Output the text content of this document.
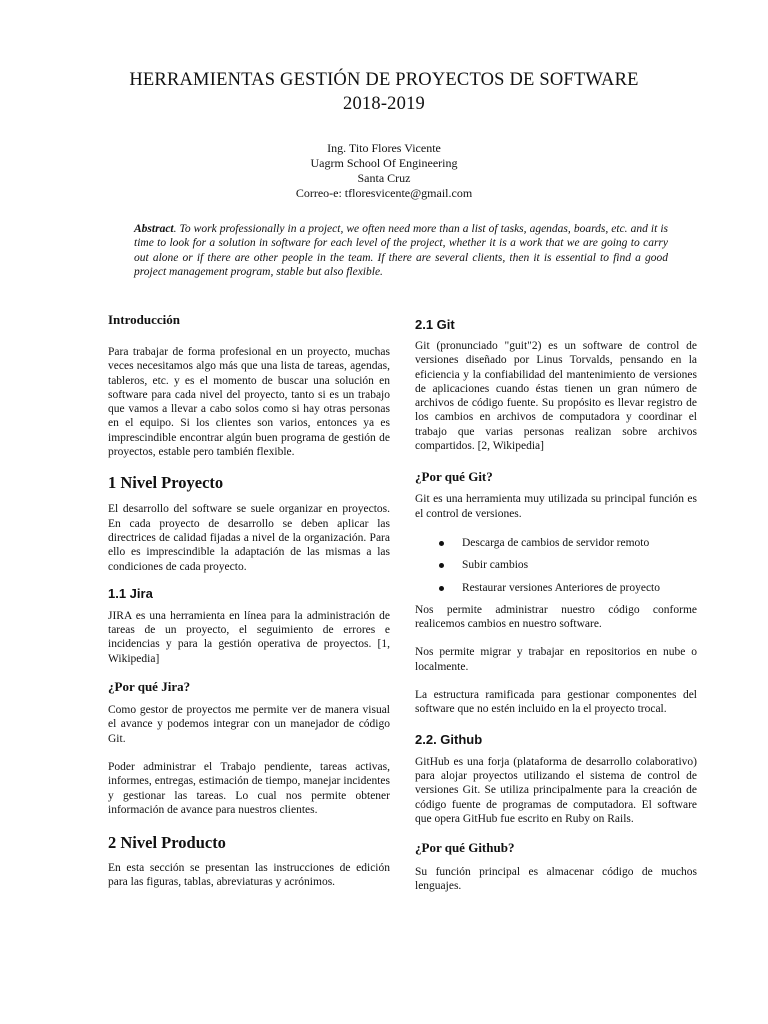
HERRAMIENTAS GESTIÓN DE PROYECTOS DE SOFTWARE
2018-2019
Ing. Tito Flores Vicente
Uagrm School Of Engineering
Santa Cruz
Correo-e: tfloresvicente@gmail.com
Abstract. To work professionally in a project, we often need more than a list of tasks, agendas, boards, etc. and it is time to look for a solution in software for each level of the project, whether it is a work that we are going to carry out alone or if there are other people in the team. If there are several clients, then it is essential to find a good project management program, stable but also flexible.
Introducción

Para trabajar de forma profesional en un proyecto, muchas veces necesitamos algo más que una lista de tareas, agendas, tableros, etc. y es el momento de buscar una solución en software para cada nivel del proyecto, tanto si es un trabajo que vamos a llevar a cabo solos como si hay otras personas en el equipo. Si los clientes son varios, entonces ya es imprescindible encontrar algún buen programa de gestión de proyectos, estable pero también flexible.

1 Nivel Proyecto

El desarrollo del software se suele organizar en proyectos. En cada proyecto de desarrollo se deben aplicar las directrices de calidad fijadas a nivel de la organización. Para ello es imprescindible la adaptación de las mismas a las condiciones de cada proyecto.

1.1 Jira

JIRA es una herramienta en línea para la administración de tareas de un proyecto, el seguimiento de errores e incidencias y para la gestión operativa de proyectos. [1, Wikipedia]

¿Por qué Jira?

Como gestor de proyectos me permite ver de manera visual el avance y podemos integrar con un manejador de código Git.

Poder administrar el Trabajo pendiente, tareas activas, informes, entregas, estimación de tiempo, manejar incidentes y gestionar las tareas. Lo cual nos permite obtener información de avance para nuestros clientes.

2 Nivel Producto

En esta sección se presentan las instrucciones de edición para las figuras, tablas, abreviaturas y acrónimos.

2.1 Git

Git (pronunciado "guit"2) es un software de control de versiones diseñado por Linus Torvalds, pensando en la eficiencia y la confiabilidad del mantenimiento de versiones de aplicaciones cuando éstas tienen un gran número de archivos de código fuente. Su propósito es llevar registro de los cambios en archivos de computadora y coordinar el trabajo que varias personas realizan sobre archivos compartidos. [2, Wikipedia]

¿Por qué Git?

Git es una herramienta muy utilizada su principal función es el control de versiones.

Descarga de cambios de servidor remoto
Subir cambios
Restaurar versiones Anteriores de proyecto

Nos permite administrar nuestro código conforme realicemos cambios en nuestro software.

Nos permite migrar y trabajar en repositorios en nube o localmente.

La estructura ramificada para gestionar componentes del software que no estén incluido en la el proyecto trocal.

2.2. Github

GitHub es una forja (plataforma de desarrollo colaborativo) para alojar proyectos utilizando el sistema de control de versiones Git. Se utiliza principalmente para la creación de código fuente de programas de computadora. El software que opera GitHub fue escrito en Ruby on Rails.

¿Por qué Github?

Su función principal es almacenar código de muchos lenguajes.
